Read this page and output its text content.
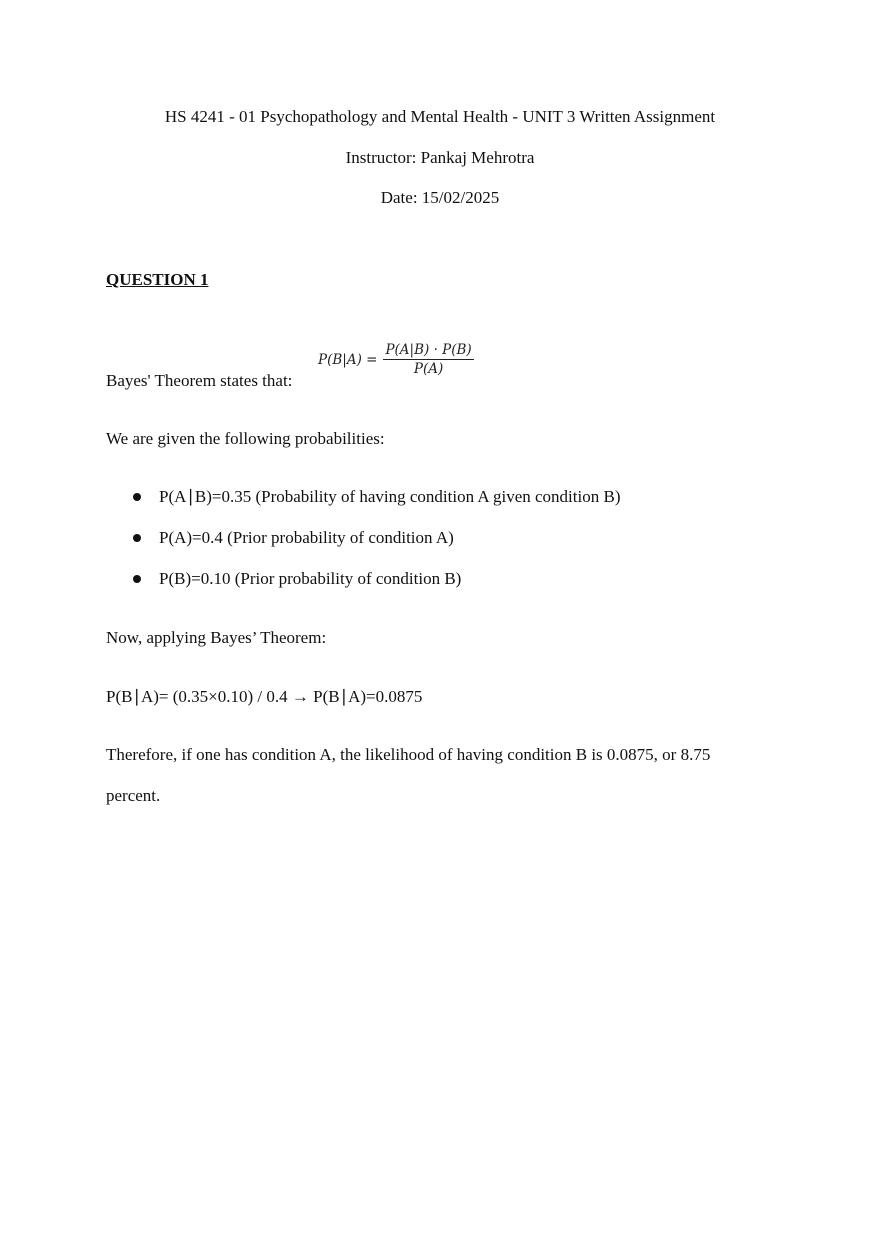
HS 4241 - 01 Psychopathology and Mental Health - UNIT 3 Written Assignment
Instructor: Pankaj Mehrotra
Date: 15/02/2025
QUESTION 1
$P(B|A) = \frac{P(A|B) \cdot P(B)}{P(A)}$
Bayes' Theorem states that:
We are given the following probabilities:
P(A∣B)=0.35 (Probability of having condition A given condition B)
P(A)=0.4 (Prior probability of condition A)
P(B)=0.10 (Prior probability of condition B)
Now, applying Bayes’ Theorem:
P(B∣A)= (0.35×0.10) / 0.4 → P(B∣A)=0.0875
Therefore, if one has condition A, the likelihood of having condition B is 0.0875, or 8.75
percent.
